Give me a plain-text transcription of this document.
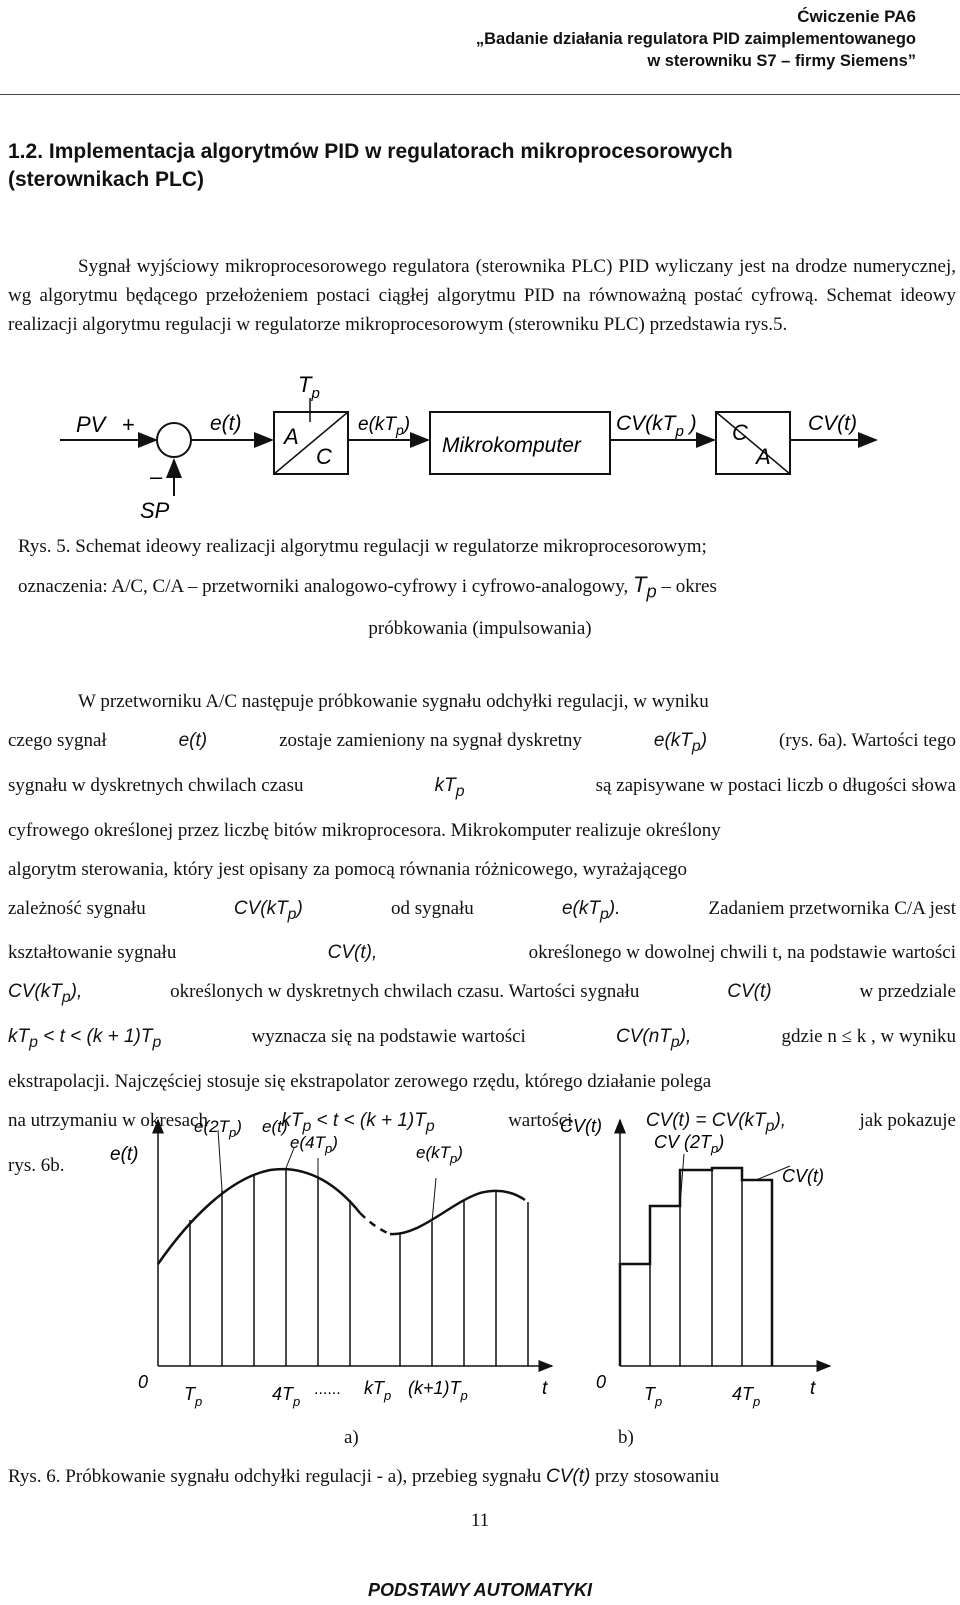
Ćwiczenie PA6
„Badanie działania regulatora PID zaimplementowanego
w sterowniku S7 – firmy Siemens”
1.2. Implementacja algorytmów PID w regulatorach mikroprocesorowych
(sterownikach PLC)

Sygnał wyjściowy mikroprocesorowego regulatora (sterownika PLC) PID wyliczany jest na drodze numerycznej, wg algorytmu będącego przełożeniem postaci ciągłej algorytmu PID na równoważną postać cyfrową. Schemat ideowy realizacji algorytmu regulacji w regulatorze mikroprocesorowym (sterowniku PLC) przedstawia rys.5.

$T_p$
PV +
–
SP
e(t)
A
C
$e(kT_p)$
Mikrokomputer
$CV(kT_p$ ) C
A
CV(t)
Rys. 5. Schemat ideowy realizacji algorytmu regulacji w regulatorze mikroprocesorowym;
oznaczenia: A/C, C/A – przetworniki analogowo-cyfrowy i cyfrowo-analogowy, $T_p$ – okres
próbkowania (impulsowania)
W przetworniku A/C następuje próbkowanie sygnału odchyłki regulacji, w wyniku
czego sygnał	e(t)	zostaje zamieniony na sygnał dyskretny	$e(kT_p)$	(rys. 6a). Wartości tego
sygnału w dyskretnych chwilach czasu	$kT_p$	są zapisywane w postaci liczb o długości słowa
cyfrowego określonej przez liczbę bitów mikroprocesora. Mikrokomputer realizuje określony
algorytm sterowania, który jest opisany za pomocą równania różnicowego, wyrażającego
zależność sygnału	$CV(kT_p)$	od sygnału	$e(kT_p)$.	Zadaniem przetwornika C/A jest
kształtowanie sygnału	CV(t),	określonego w dowolnej chwili t, na podstawie wartości
$CV(kT_p)$,	określonych w dyskretnych chwilach czasu. Wartości sygnału	CV(t)	w przedziale
$kT_p < t < (k + 1)T_p$	wyznacza się na podstawie wartości	$CV(nT_p)$,	gdzie n ≤ k , w wyniku
ekstrapolacji. Najczęściej stosuje się ekstrapolator zerowego rzędu, którego działanie polega
na utrzymaniu w okresach	$kT_p < t < (k + 1)T_p$	wartości	$CV(t) = CV(kT_p)$,	jak pokazuje
rys. 6b.
e(t)
$e(2T_p)$ e(t)
$e(4T_p)$
$e(kT_p)$
0
$T_p$	$4T_p$
...... $kT_p$ $(k+1)T_p$	t
CV(t)
CV $(2T_p)$
CV(t)
0
$T_p$	$4T_p$
t
a)	b)
Rys. 6. Próbkowanie sygnału odchyłki regulacji - a), przebieg sygnału CV(t) przy stosowaniu
11
PODSTAWY AUTOMATYKI
